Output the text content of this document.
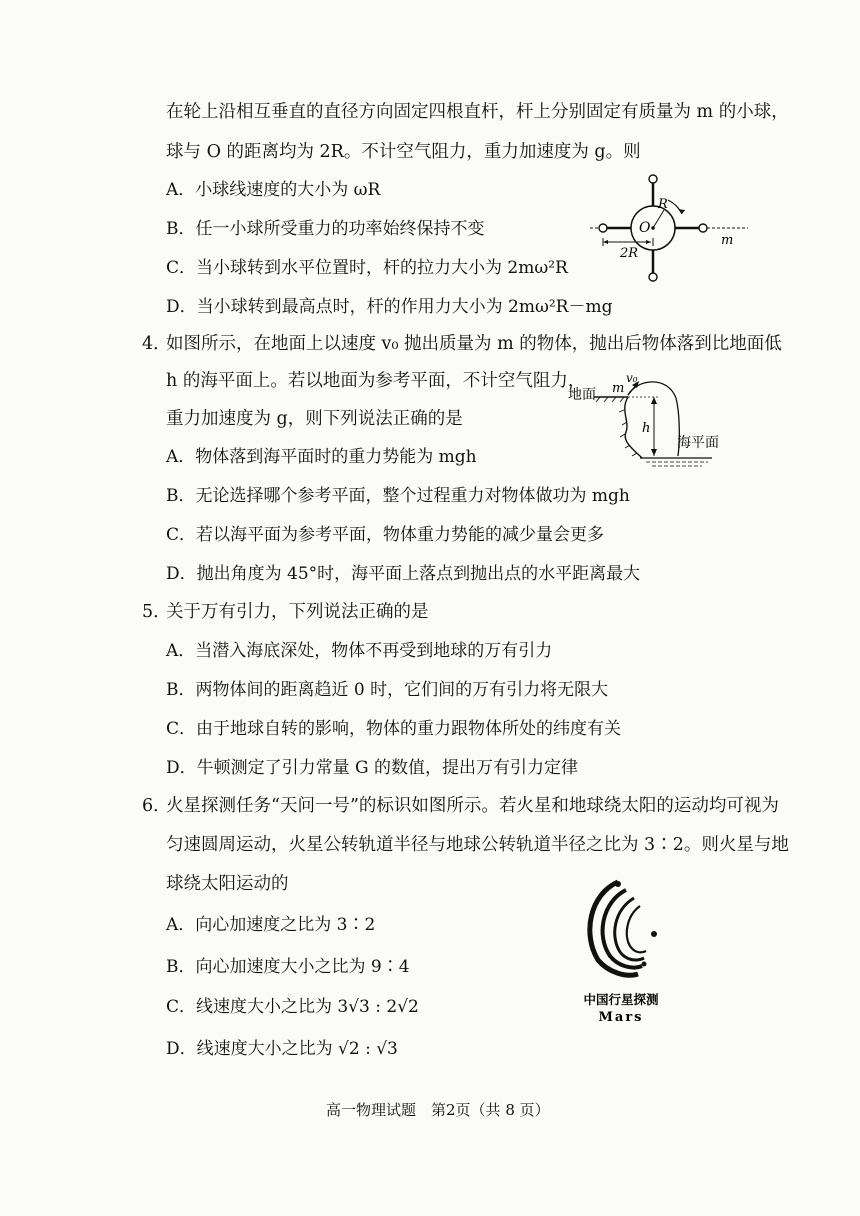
在轮上沿相互垂直的直径方向固定四根直杆，杆上分别固定有质量为 m 的小球，
球与 O 的距离均为 2R。不计空气阻力，重力加速度为 g。则
A．小球线速度的大小为 ωR
B．任一小球所受重力的功率始终保持不变
C．当小球转到水平位置时，杆的拉力大小为 2mω²R
D．当小球转到最高点时，杆的作用力大小为 2mω²R－mg
R
O
2R
m
4．
如图所示，在地面上以速度 v₀ 抛出质量为 m 的物体，抛出后物体落到比地面低
h 的海平面上。若以地面为参考平面，不计空气阻力，
重力加速度为 g，则下列说法正确的是
A．物体落到海平面时的重力势能为 mgh
B．无论选择哪个参考平面，整个过程重力对物体做功为 mgh
C．若以海平面为参考平面，物体重力势能的减少量会更多
D．抛出角度为 45°时，海平面上落点到抛出点的水平距离最大
地面 m
v₀
h
海平面
5．
关于万有引力，下列说法正确的是
A．当潜入海底深处，物体不再受到地球的万有引力
B．两物体间的距离趋近 0 时，它们间的万有引力将无限大
C．由于地球自转的影响，物体的重力跟物体所处的纬度有关
D．牛顿测定了引力常量 G 的数值，提出万有引力定律
6．
火星探测任务“天问一号”的标识如图所示。若火星和地球绕太阳的运动均可视为
匀速圆周运动，火星公转轨道半径与地球公转轨道半径之比为 3∶2。则火星与地
球绕太阳运动的
A．向心加速度之比为 3∶2
B．向心加速度大小之比为 9∶4
C．线速度大小之比为 3√3 : 2√2
D．线速度大小之比为 √2 : √3
中国行星探测
Mars
高一物理试题　第2页（共 8 页）
